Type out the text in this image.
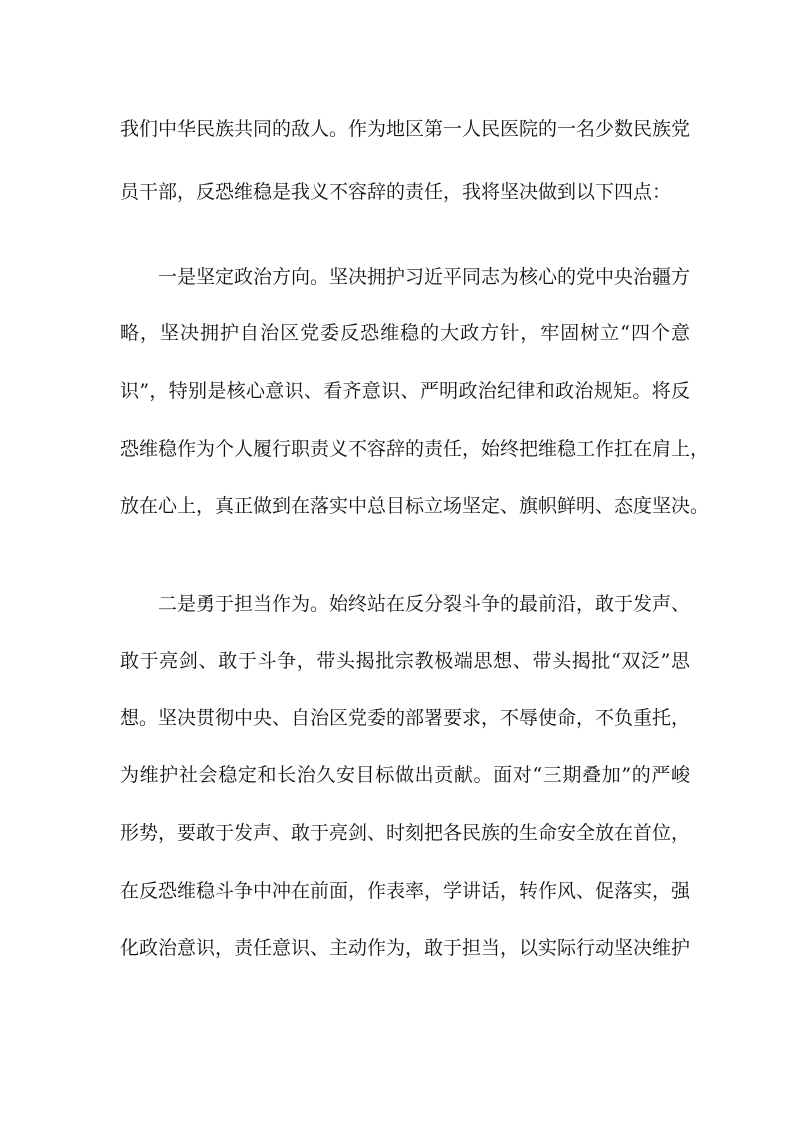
我们中华民族共同的敌人。作为地区第一人民医院的一名少数民族党
员干部，反恐维稳是我义不容辞的责任，我将坚决做到以下四点：
一是坚定政治方向。坚决拥护习近平同志为核心的党中央治疆方
略，坚决拥护自治区党委反恐维稳的大政方针，牢固树立“四个意
识”，特别是核心意识、看齐意识、严明政治纪律和政治规矩。将反
恐维稳作为个人履行职责义不容辞的责任，始终把维稳工作扛在肩上，
放在心上，真正做到在落实中总目标立场坚定、旗帜鲜明、态度坚决。
二是勇于担当作为。始终站在反分裂斗争的最前沿，敢于发声、
敢于亮剑、敢于斗争，带头揭批宗教极端思想、带头揭批“双泛”思
想。坚决贯彻中央、自治区党委的部署要求，不辱使命，不负重托，
为维护社会稳定和长治久安目标做出贡献。面对“三期叠加”的严峻
形势，要敢于发声、敢于亮剑、时刻把各民族的生命安全放在首位，
在反恐维稳斗争中冲在前面，作表率，学讲话，转作风、促落实，强
化政治意识，责任意识、主动作为，敢于担当，以实际行动坚决维护
